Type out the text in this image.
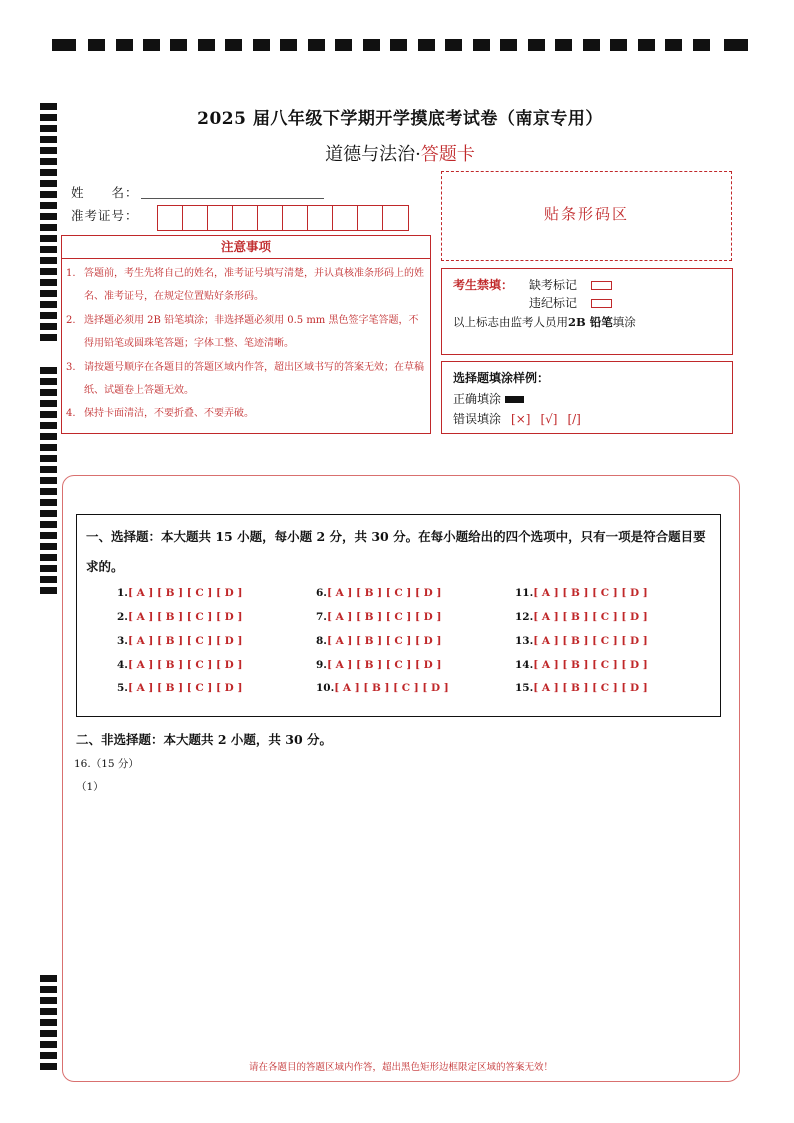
2025 届八年级下学期开学摸底考试卷（南京专用）
道德与法治·答题卡
姓　　名：
准考证号：
注意事项
1. 答题前，考生先将自己的姓名，准考证号填写清楚，并认真核准条形码上的姓名、准考证号，在规定位置贴好条形码。
2. 选择题必须用 2B 铅笔填涂；非选择题必须用 0.5 mm 黑色签字笔答题，不得用铅笔或圆珠笔答题；字体工整、笔迹清晰。
3. 请按题号顺序在各题目的答题区域内作答，超出区域书写的答案无效；在草稿纸、试题卷上答题无效。
4. 保持卡面清洁，不要折叠、不要弄破。
贴条形码区
考生禁填： 缺考标记
违纪标记
以上标志由监考人员用2B 铅笔填涂
选择题填涂样例：
正确填涂
错误填涂 [×] [√] [/]
一、选择题：本大题共 15 小题，每小题 2 分，共 30 分。在每小题给出的四个选项中，只有一项是符合题目要求的。
1.[ A ] [ B ] [ C ] [ D ]
2.[ A ] [ B ] [ C ] [ D ]
3.[ A ] [ B ] [ C ] [ D ]
4.[ A ] [ B ] [ C ] [ D ]
5.[ A ] [ B ] [ C ] [ D ]
6.[ A ] [ B ] [ C ] [ D ]
7.[ A ] [ B ] [ C ] [ D ]
8.[ A ] [ B ] [ C ] [ D ]
9.[ A ] [ B ] [ C ] [ D ]
10.[ A ] [ B ] [ C ] [ D ]
11.[ A ] [ B ] [ C ] [ D ]
12.[ A ] [ B ] [ C ] [ D ]
13.[ A ] [ B ] [ C ] [ D ]
14.[ A ] [ B ] [ C ] [ D ]
15.[ A ] [ B ] [ C ] [ D ]
二、非选择题：本大题共 2 小题，共 30 分。
16.（15 分）
（1）
请在各题目的答题区域内作答，超出黑色矩形边框限定区域的答案无效！
